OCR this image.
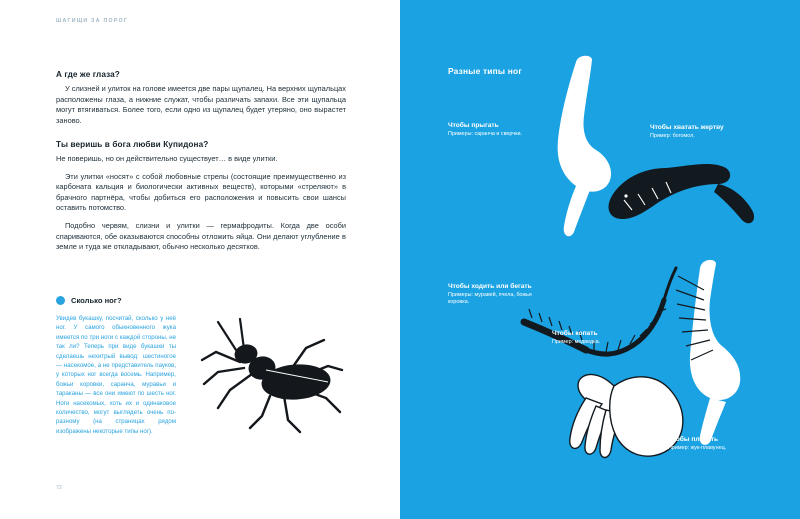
ШАГИЩИ ЗА ПОРОГ
А где же глаза?

У слизней и улиток на голове имеется две пары щупалец. На верхних щупальцах расположены глаза, а нижние служат, чтобы различать запахи. Все эти щупальца могут втягиваться. Более того, если одно из щупалец будет утеряно, оно вырастет заново.

Ты веришь в бога любви Купидона?

Не поверишь, но он действительно существует… в виде улитки.

Эти улитки «носят» с собой любовные стрелы (состоящие преимущественно из карбоната кальция и биологически активных веществ), которыми «стреляют» в брачного партнёра, чтобы добиться его расположения и повысить свои шансы оставить потомство.

Подобно червям, слизни и улитки — гермафродиты. Когда две особи спариваются, обе оказываются способны отложить яйца. Они делают углубление в земле и туда же откладывают, обычно несколько десятков.

Сколько ног?
Увидев букашку, посчитай, сколько у неё ног. У самого обыкновенного жука имеется по три ноги с каждой стороны, не так ли? Теперь при виде букашки ты сделаешь нехитрый вывод: шестиногое — насекомое, а не представитель пауков, у которых ног всегда восемь. Например, божьи коровки, саранча, муравьи и тараканы — все они имеют по шесть ног. Ноги насекомых, хоть их и одинаковое количество, могут выглядеть очень по-разному (на страницах рядом изображены некоторые типы ног).
72
Разные типы ног
Чтобы прыгать
Примеры: саранча и сверчки.
Чтобы хватать жертву
Пример: богомол.
Чтобы ходить или бегать
Примеры: муравей, пчела, божья коровка.
Чтобы копать
Пример: медведка.
Чтобы плавать
Пример: жук-плавунец.
